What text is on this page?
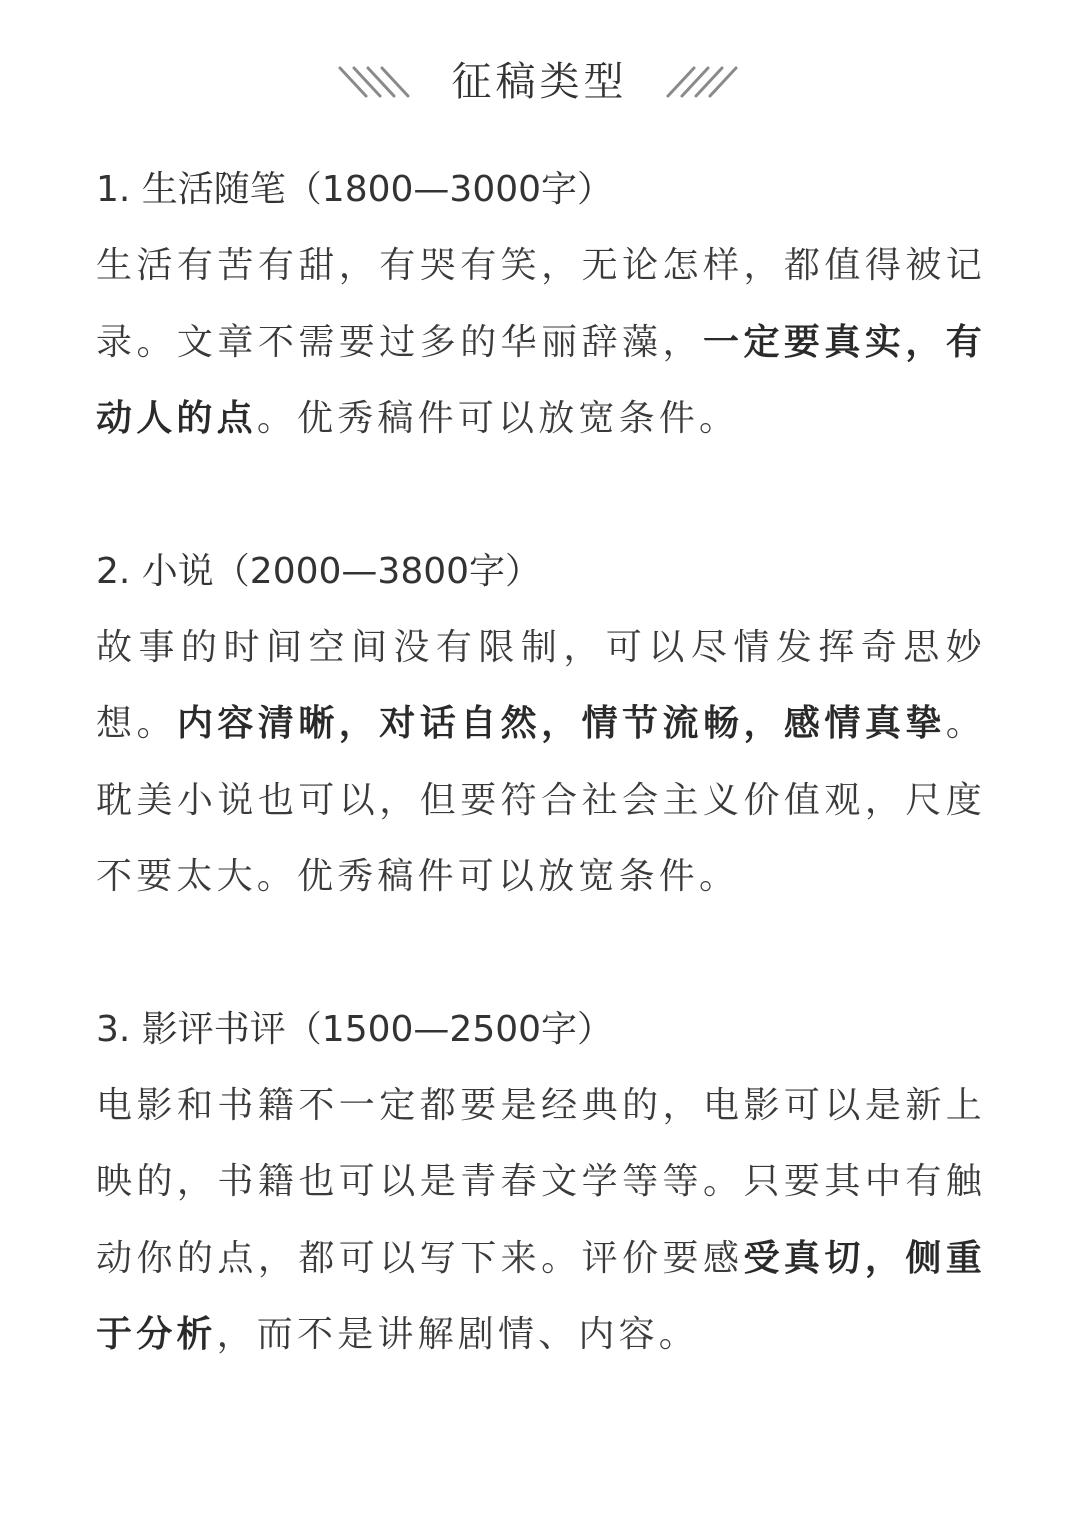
征稿类型
1. 生活随笔（1800—3000字）

生活有苦有甜，有哭有笑，无论怎样，都值得被记录。文章不需要过多的华丽辞藻，一定要真实，有动人的点。优秀稿件可以放宽条件。

2. 小说（2000—3800字）

故事的时间空间没有限制，可以尽情发挥奇思妙想。内容清晰，对话自然，情节流畅，感情真挚。耽美小说也可以，但要符合社会主义价值观，尺度不要太大。优秀稿件可以放宽条件。

3. 影评书评（1500—2500字）

电影和书籍不一定都要是经典的，电影可以是新上映的，书籍也可以是青春文学等等。只要其中有触动你的点，都可以写下来。评价要感受真切，侧重于分析，而不是讲解剧情、内容。
